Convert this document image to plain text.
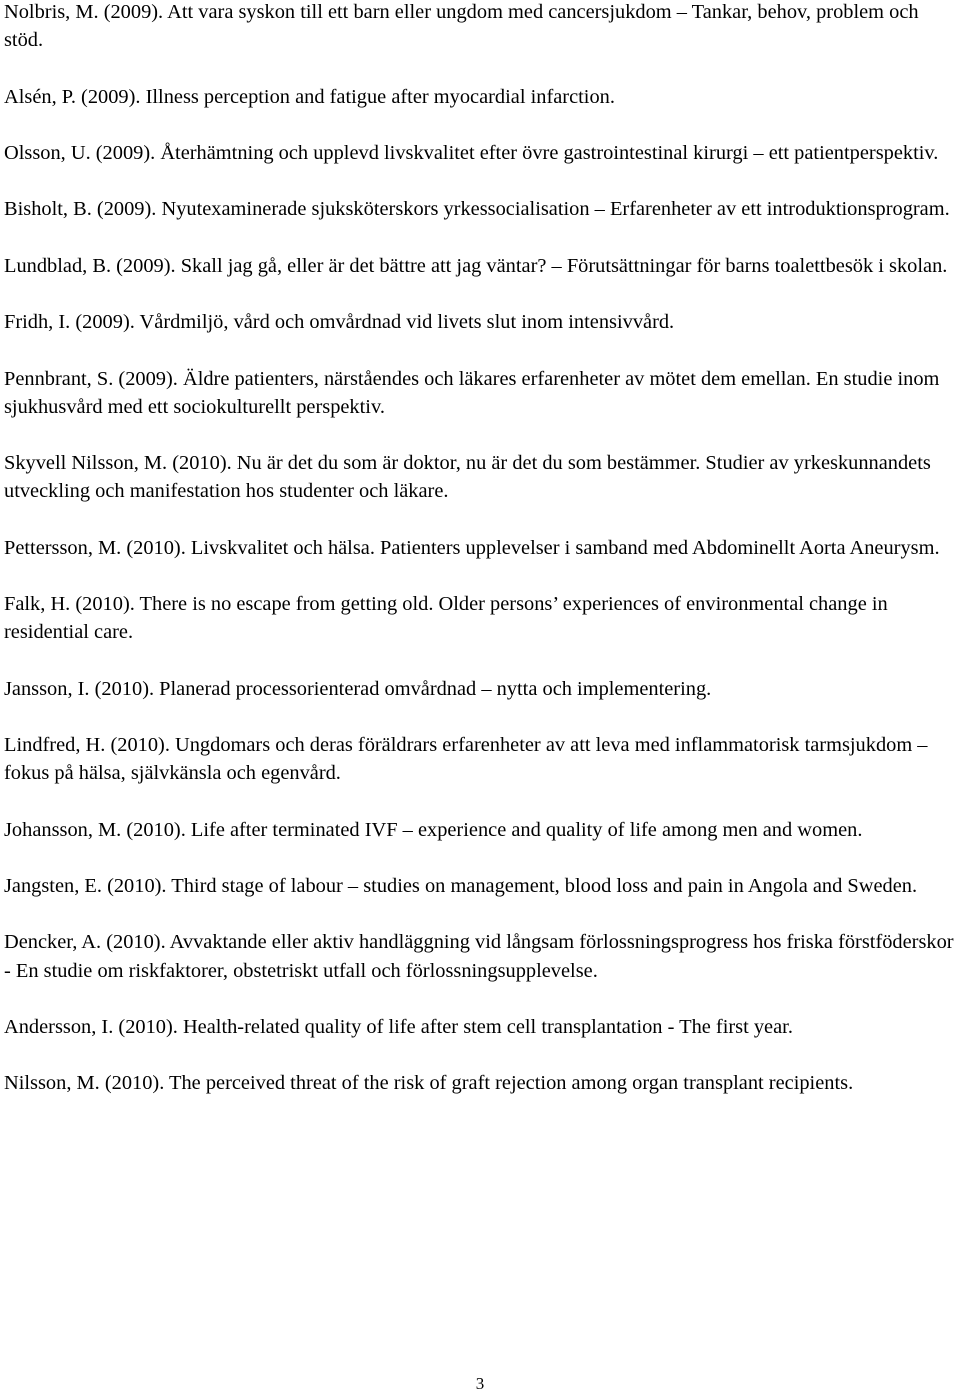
Nolbris, M. (2009). Att vara syskon till ett barn eller ungdom med cancersjukdom – Tankar, behov, problem och stöd.
Alsén, P. (2009). Illness perception and fatigue after myocardial infarction.
Olsson, U. (2009). Återhämtning och upplevd livskvalitet efter övre gastrointestinal kirurgi – ett patientperspektiv.
Bisholt, B. (2009). Nyutexaminerade sjuksköterskors yrkessocialisation – Erfarenheter av ett introduktionsprogram.
Lundblad, B. (2009). Skall jag gå, eller är det bättre att jag väntar? – Förutsättningar för barns toalettbesök i skolan.
Fridh, I. (2009). Vårdmiljö, vård och omvårdnad vid livets slut inom intensivvård.
Pennbrant, S. (2009). Äldre patienters, närståendes och läkares erfarenheter av mötet dem emellan. En studie inom sjukhusvård med ett sociokulturellt perspektiv.
Skyvell Nilsson, M. (2010). Nu är det du som är doktor, nu är det du som bestämmer. Studier av yrkeskunnandets utveckling och manifestation hos studenter och läkare.
Pettersson, M. (2010). Livskvalitet och hälsa. Patienters upplevelser i samband med Abdominellt Aorta Aneurysm.
Falk, H. (2010). There is no escape from getting old. Older persons’ experiences of environmental change in residential care.
Jansson, I. (2010). Planerad processorienterad omvårdnad – nytta och implementering.
Lindfred, H. (2010). Ungdomars och deras föräldrars erfarenheter av att leva med inflammatorisk tarmsjukdom – fokus på hälsa, självkänsla och egenvård.
Johansson, M. (2010). Life after terminated IVF – experience and quality of life among men and women.
Jangsten, E. (2010). Third stage of labour – studies on management, blood loss and pain in Angola and Sweden.
Dencker, A. (2010). Avvaktande eller aktiv handläggning vid långsam förlossningsprogress hos friska förstföderskor - En studie om riskfaktorer, obstetriskt utfall och förlossningsupplevelse.
Andersson, I. (2010). Health-related quality of life after stem cell transplantation - The first year.
Nilsson, M. (2010). The perceived threat of the risk of graft rejection among organ transplant recipients.
3
